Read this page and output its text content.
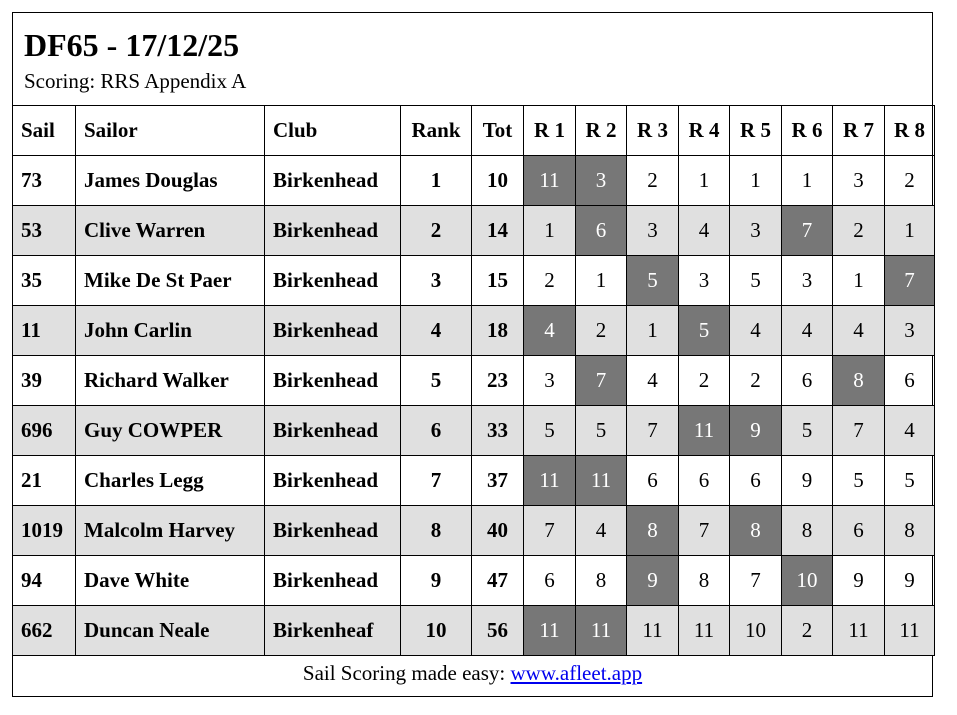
DF65 - 17/12/25
Scoring: RRS Appendix A
Sail	Sailor	Club	Rank	Tot	R 1	R 2	R 3	R 4	R 5	R 6	R 7	R 8
73	James Douglas	Birkenhead	1	10	11	3	2	1	1	1	3	2
53	Clive Warren	Birkenhead	2	14	1	6	3	4	3	7	2	1
35	Mike De St Paer	Birkenhead	3	15	2	1	5	3	5	3	1	7
11	John Carlin	Birkenhead	4	18	4	2	1	5	4	4	4	3
39	Richard Walker	Birkenhead	5	23	3	7	4	2	2	6	8	6
696	Guy COWPER	Birkenhead	6	33	5	5	7	11	9	5	7	4
21	Charles Legg	Birkenhead	7	37	11	11	6	6	6	9	5	5
1019	Malcolm Harvey	Birkenhead	8	40	7	4	8	7	8	8	6	8
94	Dave White	Birkenhead	9	47	6	8	9	8	7	10	9	9
662	Duncan Neale	Birkenheaf	10	56	11	11	11	11	10	2	11	11
Sail Scoring made easy: www.afleet.app
